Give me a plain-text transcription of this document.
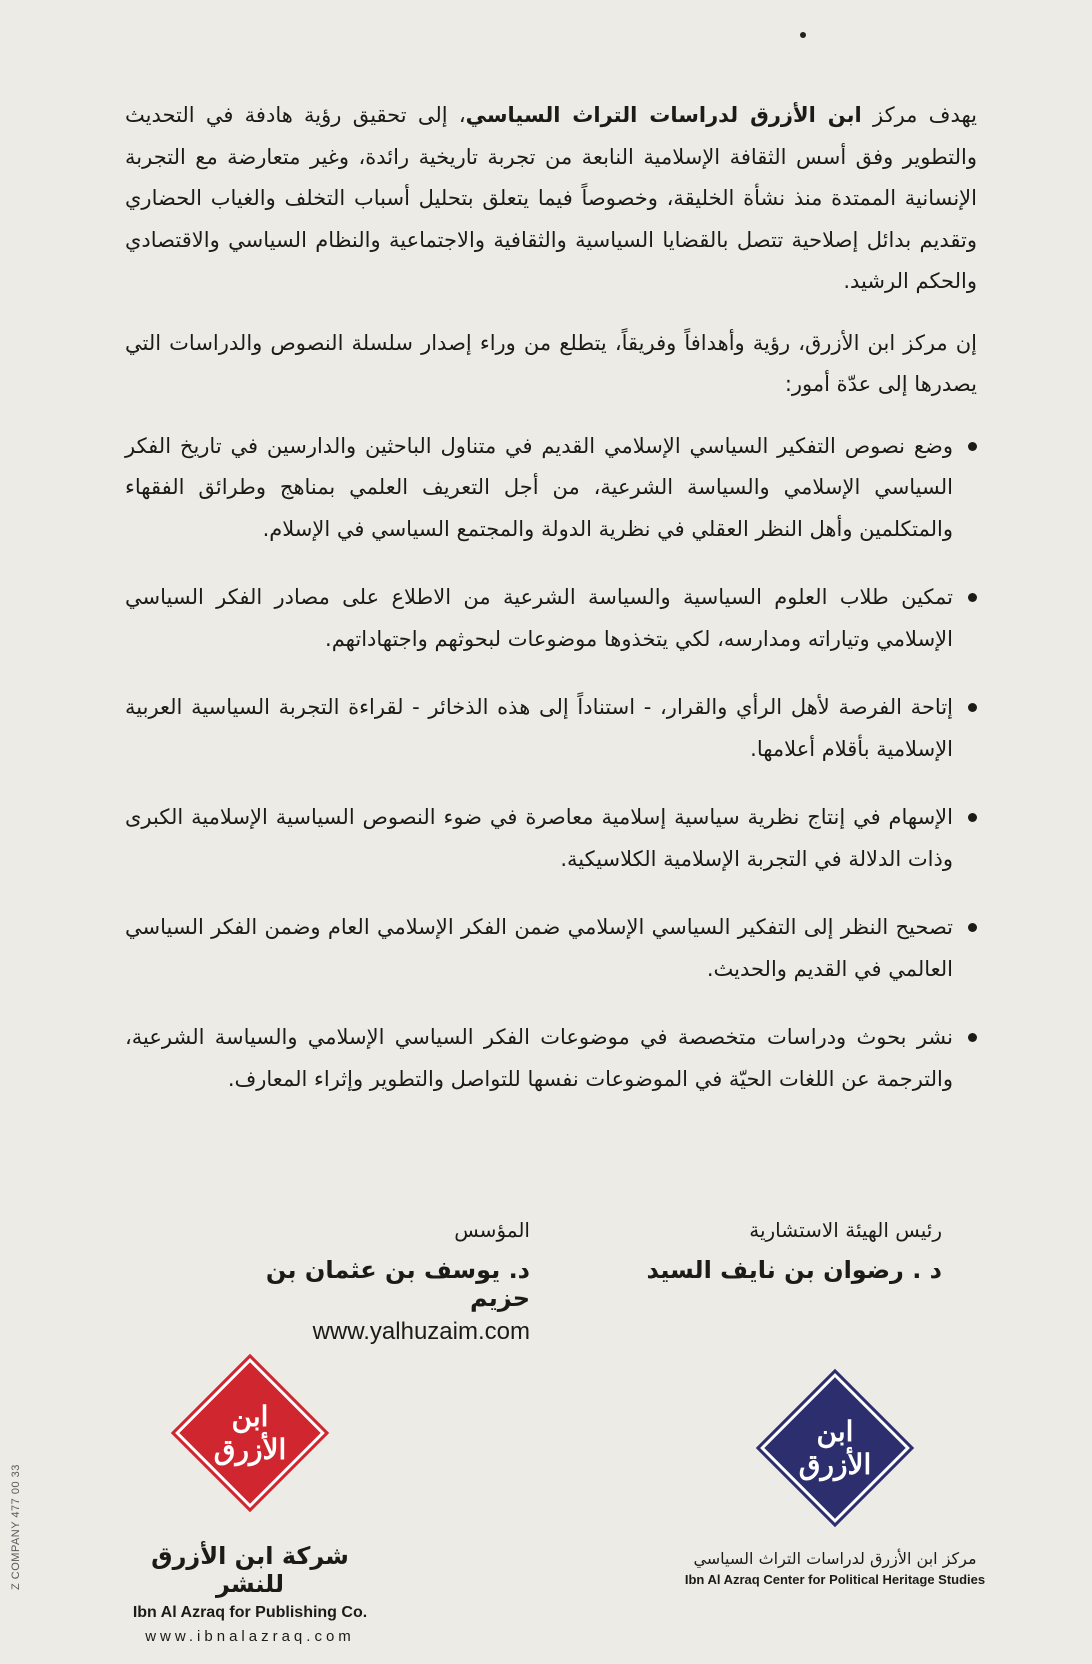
يهدف مركز ابن الأزرق لدراسات التراث السياسي، إلى تحقيق رؤية هادفة في التحديث والتطوير وفق أسس الثقافة الإسلامية النابعة من تجربة تاريخية رائدة، وغير متعارضة مع التجربة الإنسانية الممتدة منذ نشأة الخليقة، وخصوصاً فيما يتعلق بتحليل أسباب التخلف والغياب الحضاري وتقديم بدائل إصلاحية تتصل بالقضايا السياسية والثقافية والاجتماعية والنظام السياسي والاقتصادي والحكم الرشيد.

إن مركز ابن الأزرق، رؤية وأهدافاً وفريقاً، يتطلع من وراء إصدار سلسلة النصوص والدراسات التي يصدرها إلى عدّة أمور:

وضع نصوص التفكير السياسي الإسلامي القديم في متناول الباحثين والدارسين في تاريخ الفكر السياسي الإسلامي والسياسة الشرعية، من أجل التعريف العلمي بمناهج وطرائق الفقهاء والمتكلمين وأهل النظر العقلي في نظرية الدولة والمجتمع السياسي في الإسلام.
تمكين طلاب العلوم السياسية والسياسة الشرعية من الاطلاع على مصادر الفكر السياسي الإسلامي وتياراته ومدارسه، لكي يتخذوها موضوعات لبحوثهم واجتهاداتهم.
إتاحة الفرصة لأهل الرأي والقرار، - استناداً إلى هذه الذخائر - لقراءة التجربة السياسية العربية الإسلامية بأقلام أعلامها.
الإسهام في إنتاج نظرية سياسية إسلامية معاصرة في ضوء النصوص السياسية الإسلامية الكبرى وذات الدلالة في التجربة الإسلامية الكلاسيكية.
تصحيح النظر إلى التفكير السياسي الإسلامي ضمن الفكر الإسلامي العام وضمن الفكر السياسي العالمي في القديم والحديث.
نشر بحوث ودراسات متخصصة في موضوعات الفكر السياسي الإسلامي والسياسة الشرعية، والترجمة عن اللغات الحيّة في الموضوعات نفسها للتواصل والتطوير وإثراء المعارف.
رئيس الهيئة الاستشارية
د . رضوان بن نايف السيد
المؤسس
د. يوسف بن عثمان بن حزيم
www.yalhuzaim.com
ابن الأزرق
شركة ابن الأزرق للنشر
Ibn Al Azraq for Publishing Co.
www.ibnalazraq.com
ابن الأزرق
مركز ابن الأزرق لدراسات التراث السياسي
Ibn Al Azraq Center for Political Heritage Studies
Z COMPANY 477 00 33
